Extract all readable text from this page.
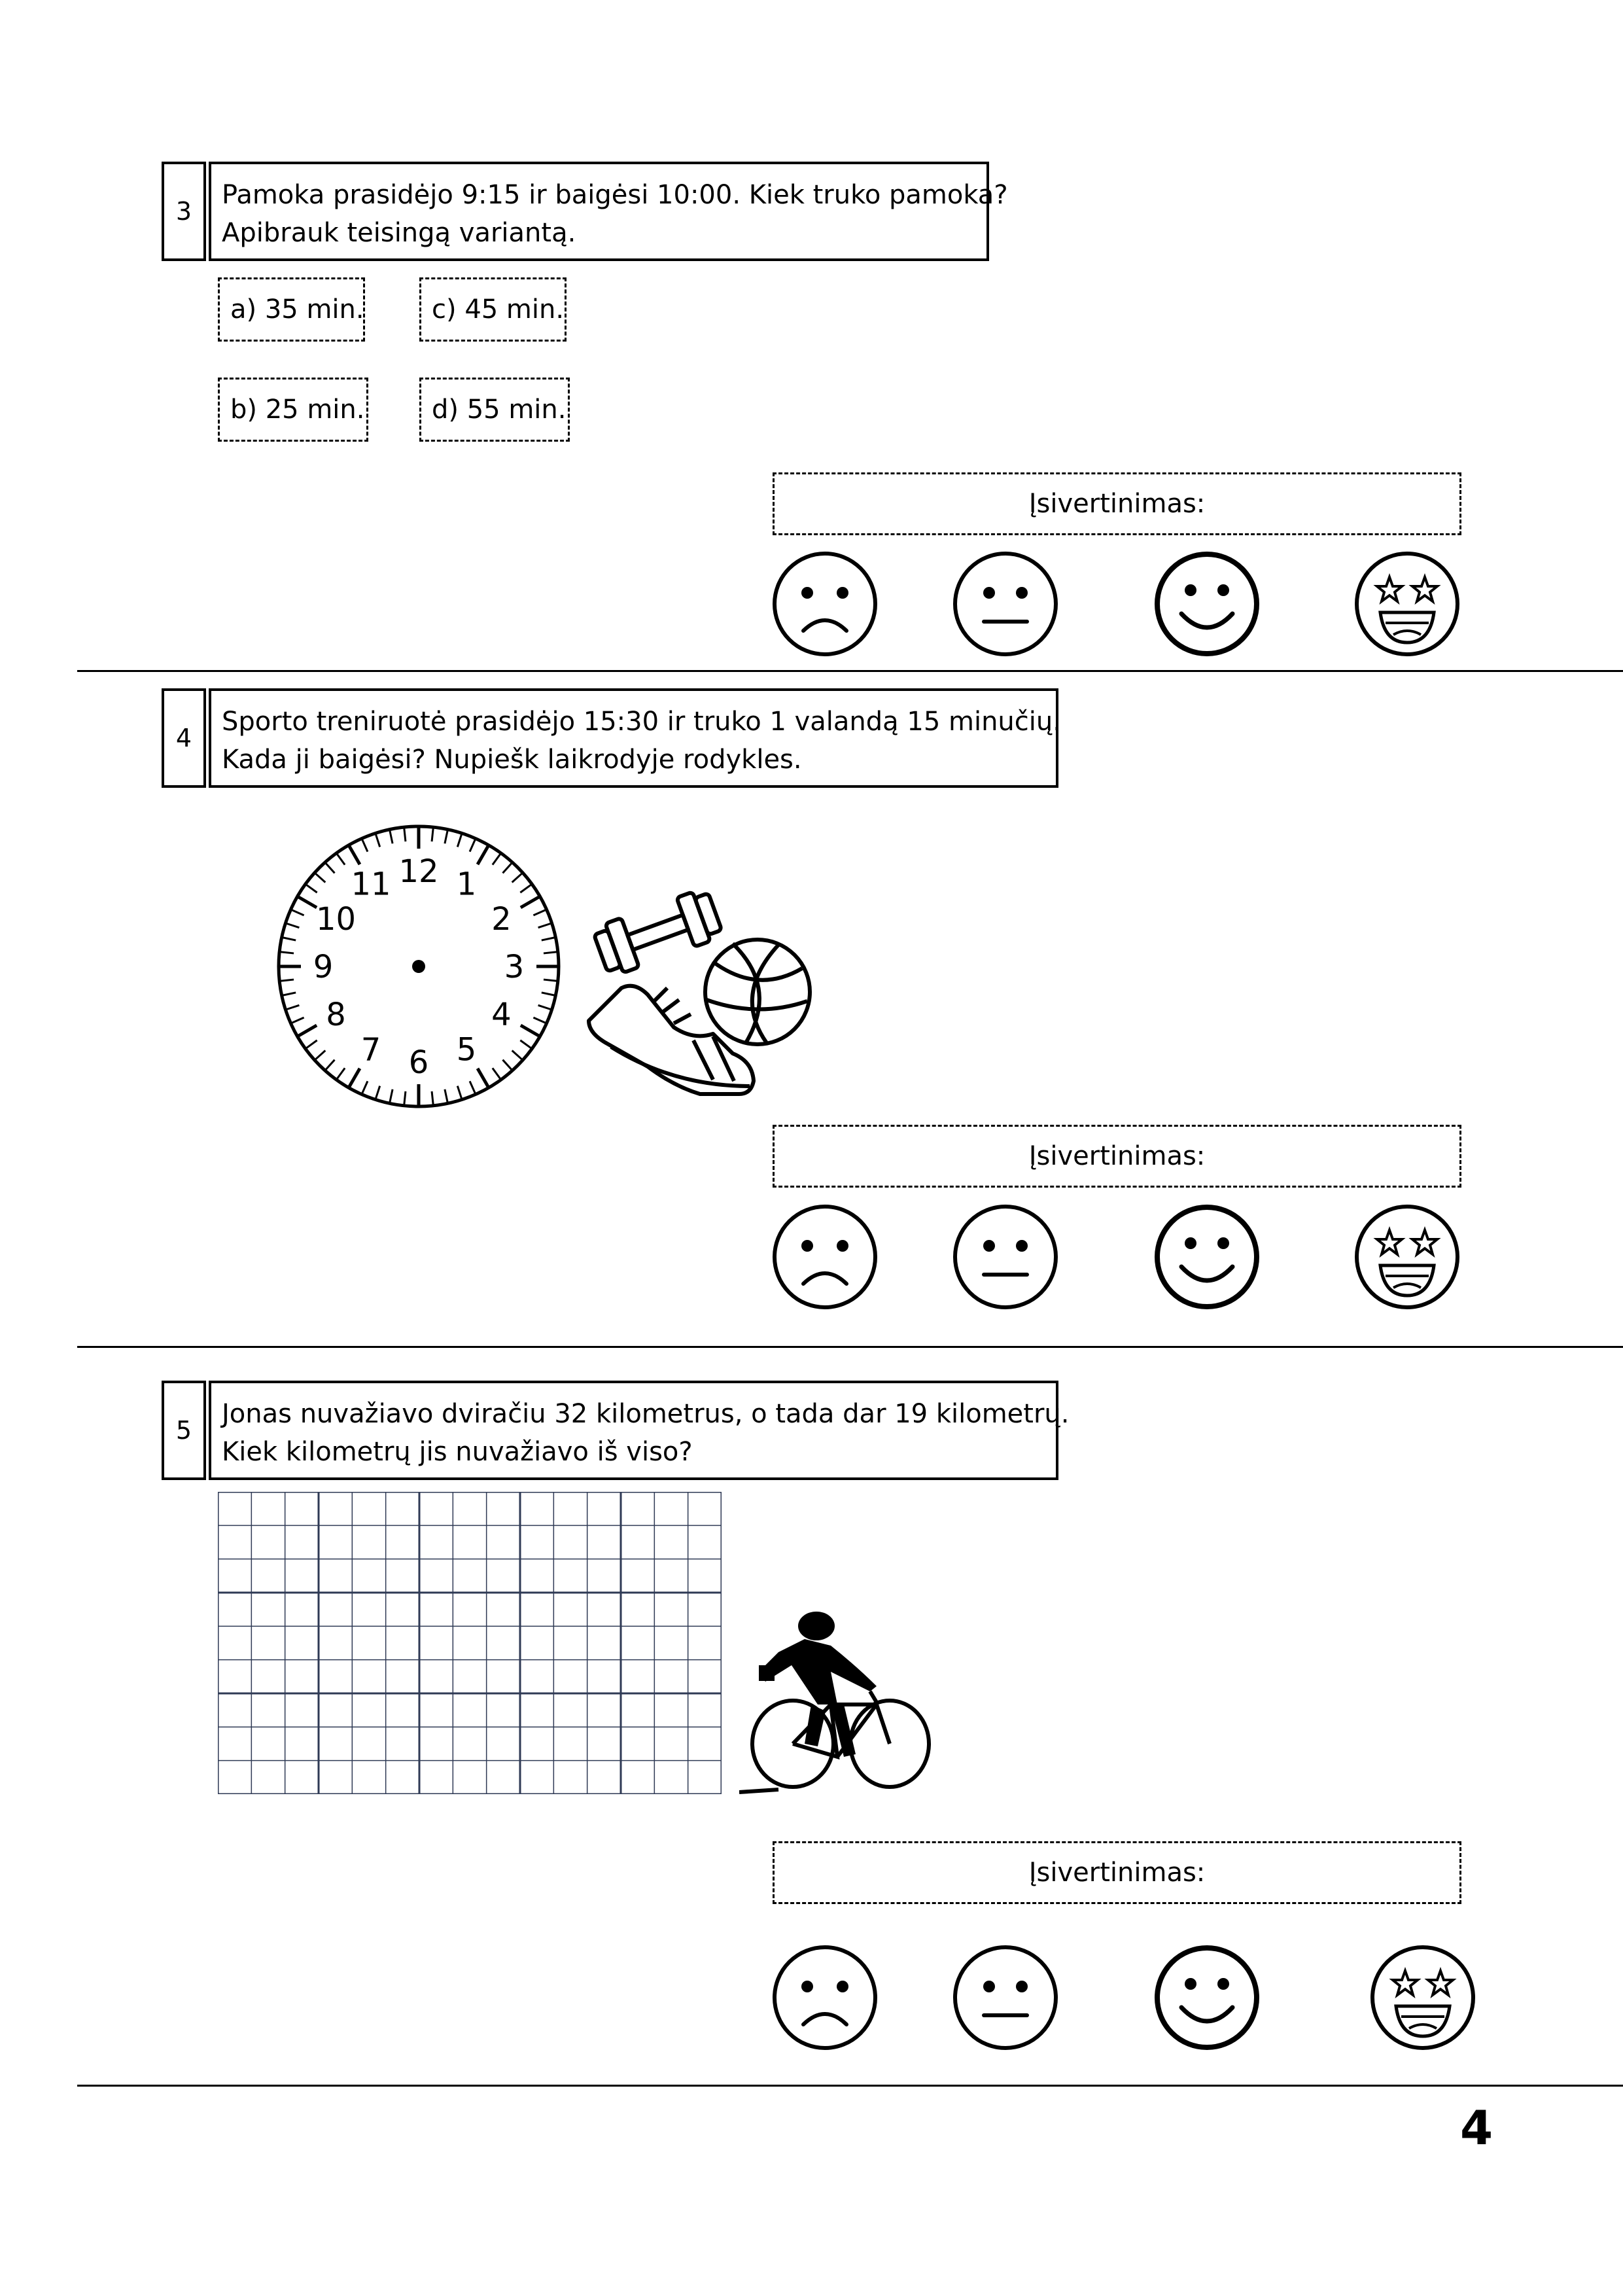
3
Pamoka prasidėjo 9:15 ir baigėsi 10:00. Kiek truko pamoka?
Apibrauk teisingą variantą.
a) 35 min.	c) 45 min.
b) 25 min.	d) 55 min.
Įsivertinimas:
4
Sporto treniruotė prasidėjo 15:30 ir truko 1 valandą 15 minučių.
Kada ji baigėsi? Nupiešk laikrodyje rodykles.
12 1
2
3
4
5
6
7
8
9
10
11
Įsivertinimas:
5
Jonas nuvažiavo dviračiu 32 kilometrus, o tada dar 19 kilometrų.
Kiek kilometrų jis nuvažiavo iš viso?
Įsivertinimas:
4
